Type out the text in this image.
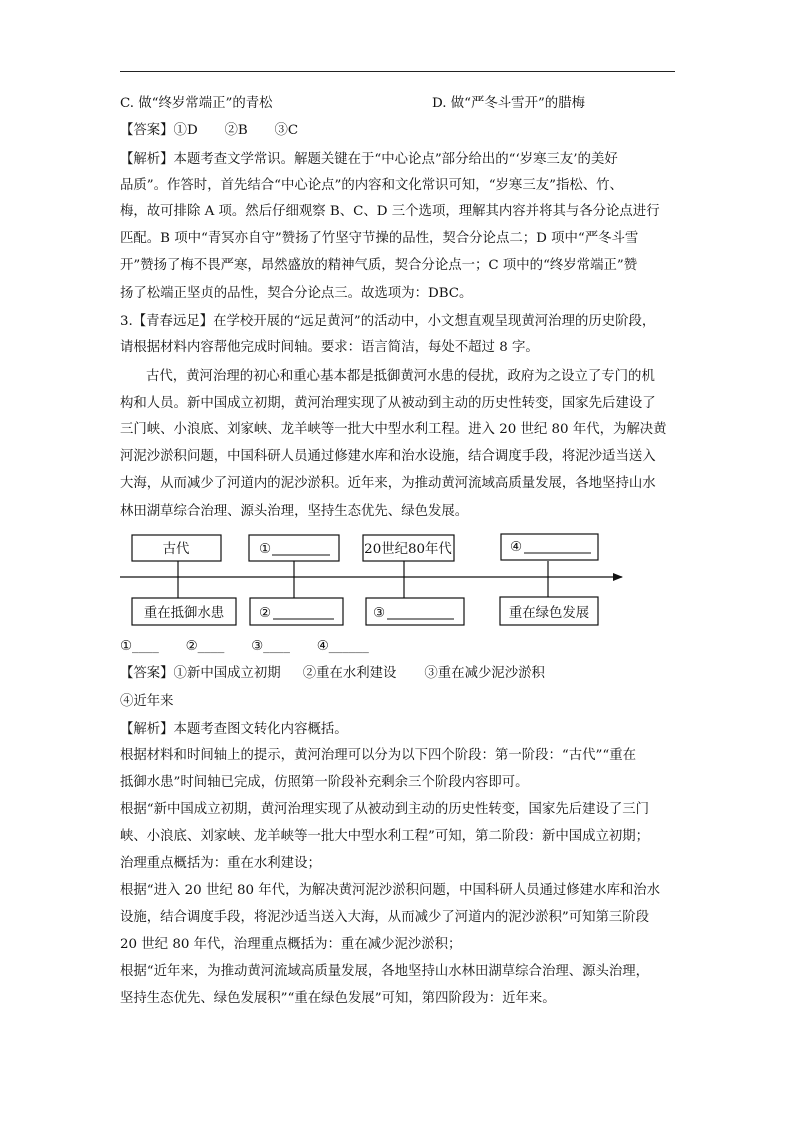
C. 做“终岁常端正”的青松	D. 做“严冬斗雪开”的腊梅
【答案】①D　　②B　　③C
【解析】本题考查文学常识。解题关键在于“中心论点”部分给出的“‘岁寒三友’的美好
品质”。作答时，首先结合“中心论点”的内容和文化常识可知，“岁寒三友”指松、竹、
梅，故可排除 A 项。然后仔细观察 B、C、D 三个选项，理解其内容并将其与各分论点进行
匹配。B 项中“青冥亦自守”赞扬了竹坚守节操的品性，契合分论点二；D 项中“严冬斗雪
开”赞扬了梅不畏严寒，昂然盛放的精神气质，契合分论点一；C 项中的“终岁常端正”赞
扬了松端正坚贞的品性，契合分论点三。故选项为：DBC。
3.【青春远足】在学校开展的“远足黄河”的活动中，小文想直观呈现黄河治理的历史阶段，
请根据材料内容帮他完成时间轴。要求：语言简洁，每处不超过 8 字。
古代，黄河治理的初心和重心基本都是抵御黄河水患的侵扰，政府为之设立了专门的机
构和人员。新中国成立初期，黄河治理实现了从被动到主动的历史性转变，国家先后建设了
三门峡、小浪底、刘家峡、龙羊峡等一批大中型水利工程。进入 20 世纪 80 年代，为解决黄
河泥沙淤积问题，中国科研人员通过修建水库和治水设施，结合调度手段，将泥沙适当送入
大海，从而减少了河道内的泥沙淤积。近年来，为推动黄河流域高质量发展，各地坚持山水
林田湖草综合治理、源头治理，坚持生态优先、绿色发展。
古代	①	20世纪80年代	④
重在抵御水患	②	③	重在绿色发展
①____　　②____　　③____　　④______
【答案】①新中国成立初期 ②重在水利建设 ③重在减少泥沙淤积
④近年来
【解析】本题考查图文转化内容概括。
根据材料和时间轴上的提示，黄河治理可以分为以下四个阶段：第一阶段：“古代”“重在
抵御水患”时间轴已完成，仿照第一阶段补充剩余三个阶段内容即可。
根据“新中国成立初期，黄河治理实现了从被动到主动的历史性转变，国家先后建设了三门
峡、小浪底、刘家峡、龙羊峡等一批大中型水利工程”可知，第二阶段：新中国成立初期；
治理重点概括为：重在水利建设；
根据“进入 20 世纪 80 年代，为解决黄河泥沙淤积问题，中国科研人员通过修建水库和治水
设施，结合调度手段，将泥沙适当送入大海，从而减少了河道内的泥沙淤积”可知第三阶段
20 世纪 80 年代，治理重点概括为：重在减少泥沙淤积；
根据“近年来，为推动黄河流域高质量发展，各地坚持山水林田湖草综合治理、源头治理，
坚持生态优先、绿色发展积”“重在绿色发展”可知，第四阶段为：近年来。
